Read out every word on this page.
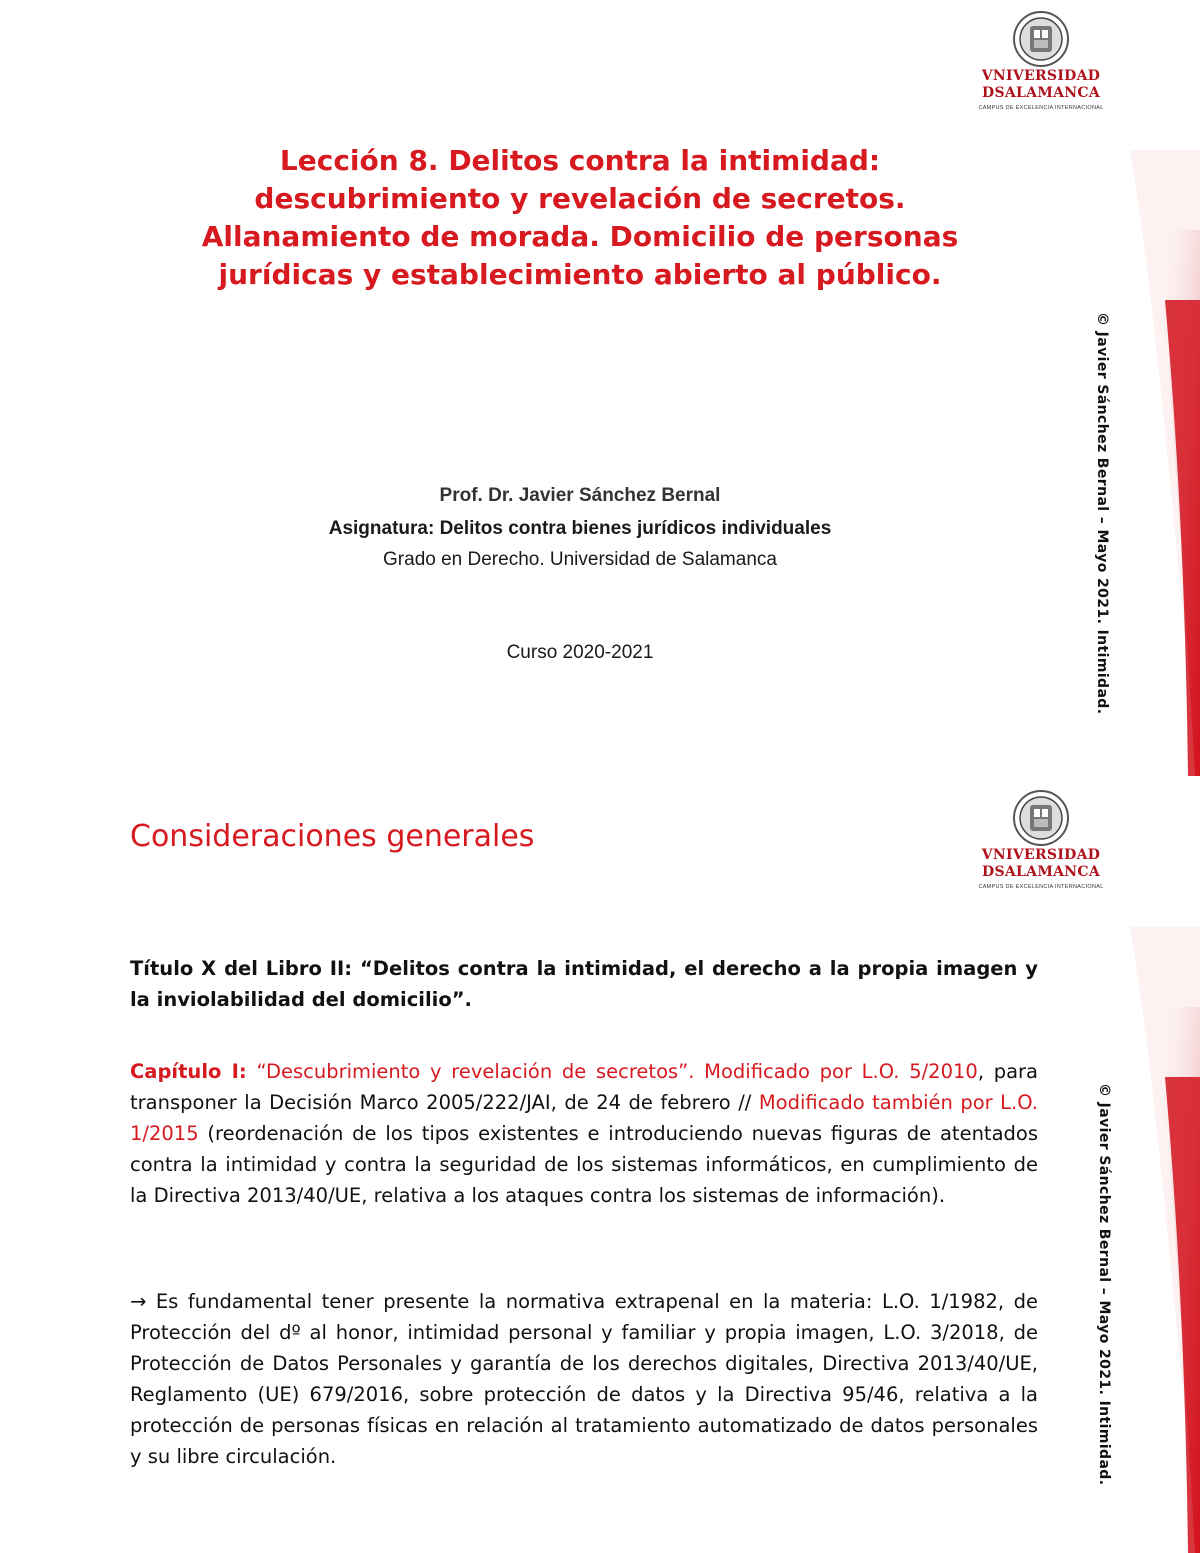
VNIVERSIDAD
DSALAMANCA
CAMPUS DE EXCELENCIA INTERNACIONAL
© Javier Sánchez Bernal – Mayo 2021. Intimidad.
Lección 8. Delitos contra la intimidad:
descubrimiento y revelación de secretos.
Allanamiento de morada. Domicilio de personas
jurídicas y establecimiento abierto al público.

Prof. Dr. Javier Sánchez Bernal

Asignatura: Delitos contra bienes jurídicos individuales

Grado en Derecho. Universidad de Salamanca

Curso 2020-2021

VNIVERSIDAD
DSALAMANCA
CAMPUS DE EXCELENCIA INTERNACIONAL
© Javier Sánchez Bernal – Mayo 2021. Intimidad.
Consideraciones generales

Título X del Libro II: “Delitos contra la intimidad, el derecho a la propia imagen y la inviolabilidad del domicilio”.

Capítulo I: “Descubrimiento y revelación de secretos”. Modificado por L.O. 5/2010, para transponer la Decisión Marco 2005/222/JAI, de 24 de febrero // Modificado también por L.O. 1/2015 (reordenación de los tipos existentes e introduciendo nuevas figuras de atentados contra la intimidad y contra la seguridad de los sistemas informáticos, en cumplimiento de la Directiva 2013/40/UE, relativa a los ataques contra los sistemas de información).

→ Es fundamental tener presente la normativa extrapenal en la materia: L.O. 1/1982, de Protección del dº al honor, intimidad personal y familiar y propia imagen, L.O. 3/2018, de Protección de Datos Personales y garantía de los derechos digitales, Directiva 2013/40/UE, Reglamento (UE) 679/2016, sobre protección de datos y la Directiva 95/46, relativa a la protección de personas físicas en relación al tratamiento automatizado de datos personales y su libre circulación.
